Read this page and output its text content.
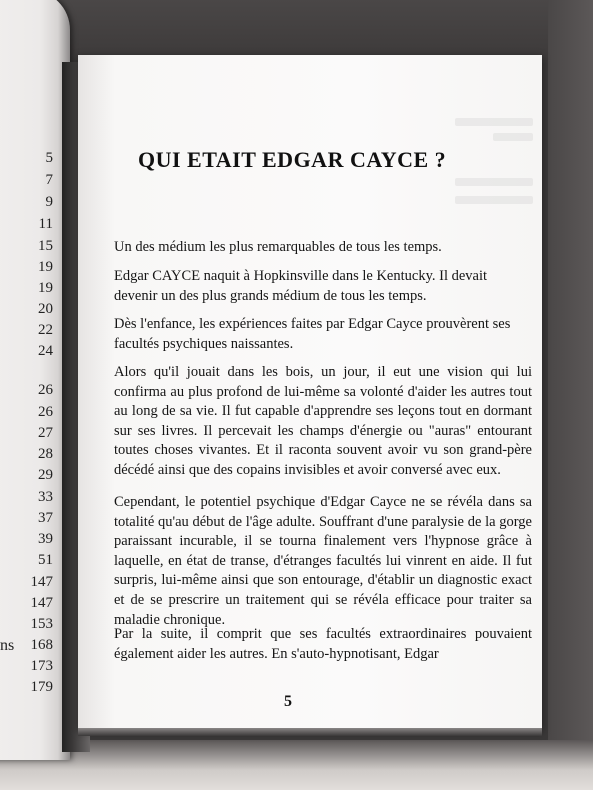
5
7
9
11
15
19
19
20
22
24
26
26
27
28
29
33
37
39
51
147
147
153
168
173
179
ns
QUI ETAIT EDGAR CAYCE ?
Un des médium les plus remarquables de tous les temps.
Edgar CAYCE naquit à Hopkinsville dans le Kentucky. Il devait devenir un des plus grands médium de tous les temps.
Dès l'enfance, les expériences faites par Edgar Cayce prouvèrent ses facultés psychiques naissantes.
Alors qu'il jouait dans les bois, un jour, il eut une vision qui lui confirma au plus profond de lui-même sa volonté d'aider les autres tout au long de sa vie. Il fut capable d'apprendre ses leçons tout en dormant sur ses livres. Il percevait les champs d'énergie ou "auras" entourant toutes choses vivantes. Et il raconta souvent avoir vu son grand-père décédé ainsi que des copains invisibles et avoir conversé avec eux.
Cependant, le potentiel psychique d'Edgar Cayce ne se révéla dans sa totalité qu'au début de l'âge adulte. Souffrant d'une paralysie de la gorge paraissant incurable, il se tourna finalement vers l'hypnose grâce à laquelle, en état de transe, d'étranges facultés lui vinrent en aide. Il fut surpris, lui-même ainsi que son entourage, d'établir un diagnostic exact et de se prescrire un traitement qui se révéla efficace pour traiter sa maladie chronique.
Par la suite, il comprit que ses facultés extraordinaires pouvaient également aider les autres. En s'auto-hypnotisant, Edgar
5
